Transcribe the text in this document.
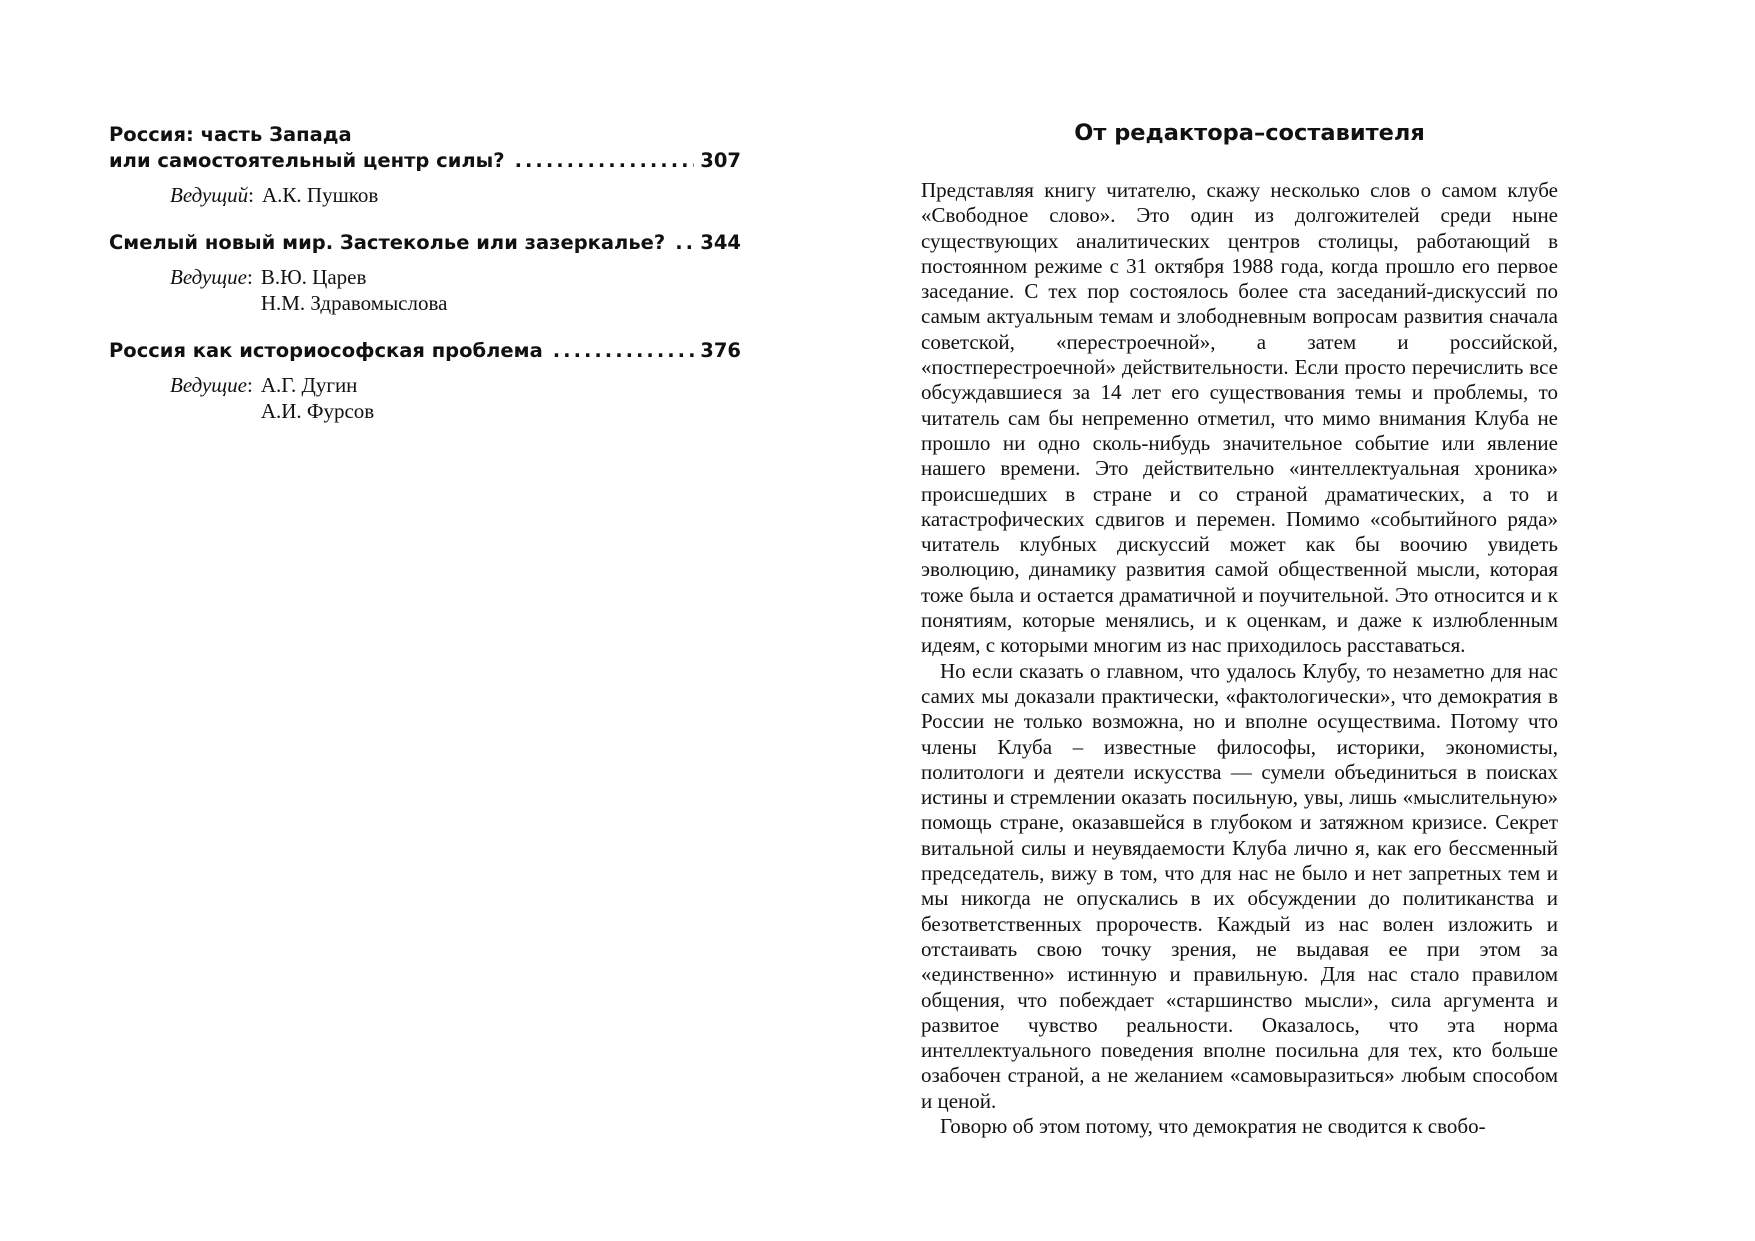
Россия: часть Запада
или самостоятельный центр силы? .....	307
Ведущий : А.К. Пушков
Смелый новый мир. Застеколье или зазеркалье? ..... 344
Ведущие : В.Ю. Царев
Н.М. Здравомыслова
Россия как историософская проблема .....	376
Ведущие : А.Г. Дугин
А.И. Фурсов
От редактора–составителя

Представляя книгу читателю, скажу несколько слов о самом клубе «Свободное слово». Это один из долгожителей среди ныне существующих аналитических центров столицы, работающий в постоянном режиме с 31 октября 1988 года, когда прошло его первое заседание. С тех пор состоялось более ста заседаний-дискуссий по самым актуальным темам и злободневным вопросам развития сначала советской, «перестроечной», а затем и российской, «постперестроечной» действительности. Если просто перечислить все обсуждавшиеся за 14 лет его существования темы и проблемы, то читатель сам бы непременно отметил, что мимо внимания Клуба не прошло ни одно сколь-нибудь значительное событие или явление нашего времени. Это действительно «интеллектуальная хроника» происшедших в стране и со страной драматических, а то и катастрофических сдвигов и перемен. Помимо «событийного ряда» читатель клубных дискуссий может как бы воочию увидеть эволюцию, динамику развития самой общественной мысли, которая тоже была и остается драматичной и поучительной. Это относится и к понятиям, которые менялись, и к оценкам, и даже к излюбленным идеям, с которыми многим из нас приходилось расставаться.

Но если сказать о главном, что удалось Клубу, то незаметно для нас самих мы доказали практически, «фактологически», что демократия в России не только возможна, но и вполне осуществима. Потому что члены Клуба – известные философы, историки, экономисты, политологи и деятели искусства — сумели объединиться в поисках истины и стремлении оказать посильную, увы, лишь «мыслительную» помощь стране, оказавшейся в глубоком и затяжном кризисе. Секрет витальной силы и неувядаемости Клуба лично я, как его бессменный председатель, вижу в том, что для нас не было и нет запретных тем и мы никогда не опускались в их обсуждении до политиканства и безответственных пророчеств. Каждый из нас волен изложить и отстаивать свою точку зрения, не выдавая ее при этом за «единственно» истинную и правильную. Для нас стало правилом общения, что побеждает «старшинство мысли», сила аргумента и развитое чувство реальности. Оказалось, что эта норма интеллектуального поведения вполне посильна для тех, кто больше озабочен страной, а не желанием «самовыразиться» любым способом и ценой.

Говорю об этом потому, что демократия не сводится к свобо-
